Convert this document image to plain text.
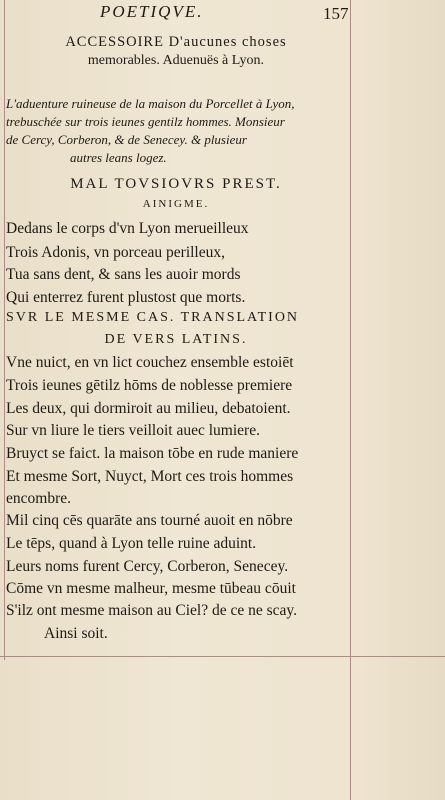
POETIQVE.	157
ACCESSOIRE D'aucunes choses
memorables. Aduenuës à Lyon.
L'aduenture ruineuse de la maison du Porcellet à Lyon,
trebuschée sur trois ieunes gentilz hommes. Monsieur
de Cercy, Corberon, & de Senecey. & plusieur
autres leans logez.
MAL TOVSIOVRS PREST.
AINIGME.
Dedans le corps d'vn Lyon merueilleux
Trois Adonis, vn porceau perilleux,
Tua sans dent, & sans les auoir mords
Qui enterrez furent plustost que morts.
SVR LE MESME CAS. TRANSLATION
DE VERS LATINS.
Vne nuict, en vn lict couchez ensemble estoiēt
Trois ieunes gētilz hōms de noblesse premiere
Les deux, qui dormiroit au milieu, debatoient.
Sur vn liure le tiers veilloit auec lumiere.
Bruyct se faict. la maison tōbe en rude maniere
Et mesme Sort, Nuyct, Mort ces trois hommes
encombre.
Mil cinq cēs quarāte ans tourné auoit en nōbre
Le tēps, quand à Lyon telle ruine aduint.
Leurs noms furent Cercy, Corberon, Senecey.
Cōme vn mesme malheur, mesme tūbeau cōuit
S'ilz ont mesme maison au Ciel? de ce ne scay.
Ainsi soit.
